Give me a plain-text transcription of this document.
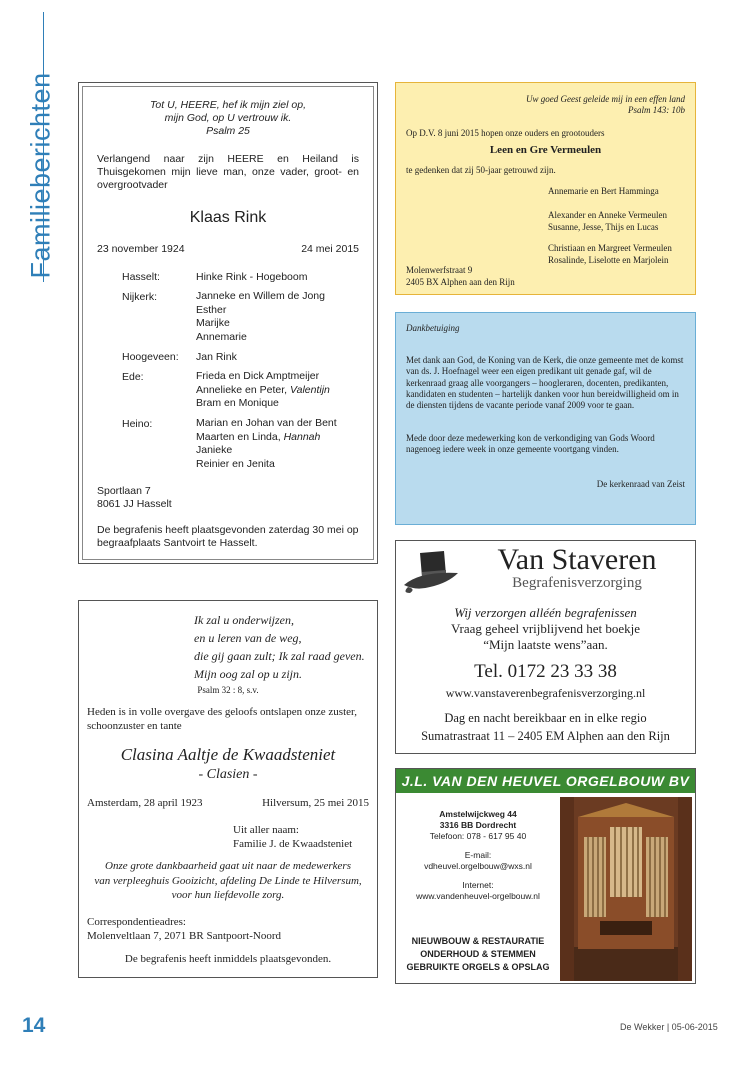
Familieberichten
14	De Wekker | 05-06-2015
Tot U, HEERE, hef ik mijn ziel op,
mijn God, op U vertrouw ik.
Psalm 25
Verlangend naar zijn HEERE en Heiland is Thuisgekomen mijn lieve man, onze vader, groot- en overgrootvader
Klaas Rink
23 november 1924	24 mei 2015
Hasselt:	Hinke Rink - Hogeboom
Nijkerk:	Janneke en Willem de Jong
Esther
Marijke
Annemarie
Hoogeveen: Jan Rink
Ede:	Frieda en Dick Amptmeijer
Annelieke en Peter, Valentijn
Bram en Monique
Heino:	Marian en Johan van der Bent
Maarten en Linda, Hannah
Janieke
Reinier en Jenita
Sportlaan 7
8061 JJ Hasselt
De begrafenis heeft plaatsgevonden zaterdag 30 mei op begraafplaats Santvoirt te Hasselt.
Uw goed Geest geleide mij in een effen land
Psalm 143: 10b
Op D.V. 8 juni 2015 hopen onze ouders en grootouders
Leen en Gre Vermeulen
te gedenken dat zij 50-jaar getrouwd zijn.
Annemarie en Bert Hamminga
Alexander en Anneke Vermeulen
Susanne, Jesse, Thijs en Lucas
Christiaan en Margreet Vermeulen
Rosalinde, Liselotte en Marjolein
Molenwerfstraat 9
2405 BX Alphen aan den Rijn
Dankbetuiging
Met dank aan God, de Koning van de Kerk, die onze gemeente met de komst van ds. J. Hoefnagel weer een eigen predikant uit genade gaf, wil de kerkenraad graag alle voorgangers – hoogleraren, docenten, predikanten, kandidaten en studenten – hartelijk danken voor hun bereidwilligheid om in de diensten tijdens de vacante periode vanaf 2009 voor te gaan.
Mede door deze medewerking kon de verkondiging van Gods Woord nagenoeg iedere week in onze gemeente voortgang vinden.
De kerkenraad van Zeist
Van Staveren
Begrafenisverzorging
Wij verzorgen alléén begrafenissen
Vraag geheel vrijblijvend het boekje
“Mijn laatste wens”aan.
Tel. 0172 23 33 38
www.vanstaverenbegrafenisverzorging.nl
Dag en nacht bereikbaar en in elke regio
Sumatrastraat 11 – 2405 EM Alphen aan den Rijn
J.L. VAN DEN HEUVEL ORGELBOUW BV
Amstelwijckweg 44
3316 BB Dordrecht
Telefoon: 078 - 617 95 40
E-mail:
vdheuvel.orgelbouw@wxs.nl
Internet:
www.vandenheuvel-orgelbouw.nl
NIEUWBOUW & RESTAURATIE
ONDERHOUD & STEMMEN
GEBRUIKTE ORGELS & OPSLAG
Ik zal u onderwijzen,
en u leren van de weg,
die gij gaan zult; Ik zal raad geven.
Mijn oog zal op u zijn.
Psalm 32 : 8, s.v.
Heden is in volle overgave des geloofs ontslapen onze zuster, schoonzuster en tante
Clasina Aaltje de Kwaadsteniet
- Clasien -
Amsterdam, 28 april 1923	Hilversum, 25 mei 2015
Uit aller naam:
Familie J. de Kwaadsteniet
Onze grote dankbaarheid gaat uit naar de medewerkers
van verpleeghuis Gooizicht, afdeling De Linde te Hilversum,
voor hun liefdevolle zorg.
Correspondentieadres:
Molenveltlaan 7, 2071 BR Santpoort-Noord
De begrafenis heeft inmiddels plaatsgevonden.
